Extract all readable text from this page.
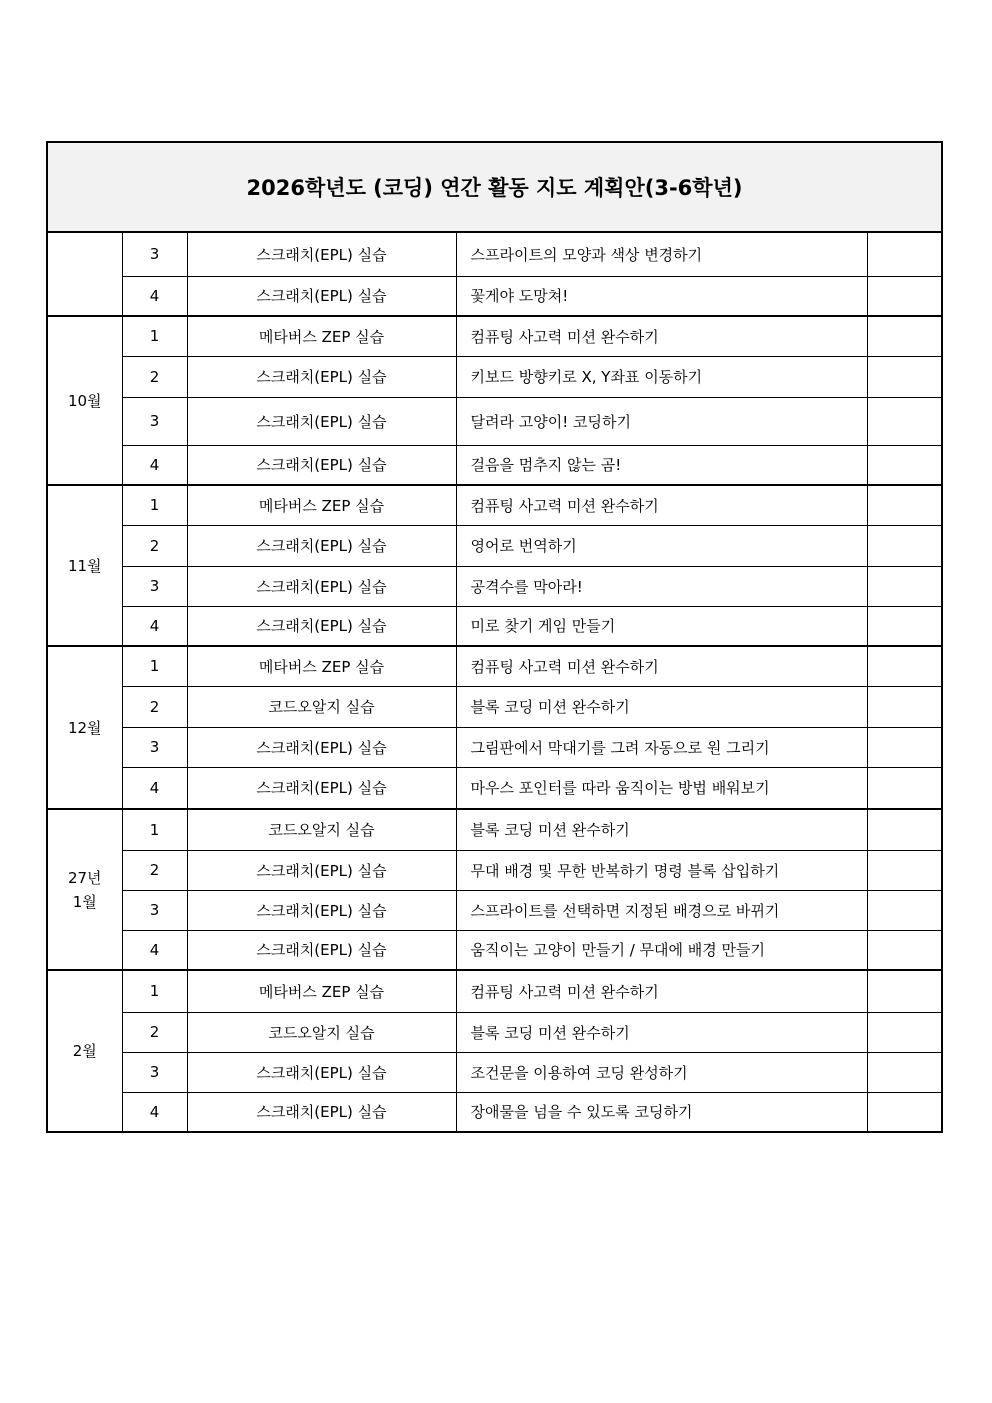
2026학년도 (코딩) 연간 활동 지도 계획안(3-6학년)				
	3	스크래치(EPL) 실습	스프라이트의 모양과 색상 변경하기	
	4	스크래치(EPL) 실습	꽃게야 도망쳐!	
10월	1	메타버스 ZEP 실습	컴퓨팅 사고력 미션 완수하기	
	2	스크래치(EPL) 실습	키보드 방향키로 X, Y좌표 이동하기	
	3	스크래치(EPL) 실습	달려라 고양이! 코딩하기	
	4	스크래치(EPL) 실습	걸음을 멈추지 않는 곰!	
11월	1	메타버스 ZEP 실습	컴퓨팅 사고력 미션 완수하기	
	2	스크래치(EPL) 실습	영어로 번역하기	
	3	스크래치(EPL) 실습	공격수를 막아라!	
	4	스크래치(EPL) 실습	미로 찾기 게임 만들기	
12월	1	메타버스 ZEP 실습	컴퓨팅 사고력 미션 완수하기	
	2	코드오알지 실습	블록 코딩 미션 완수하기	
	3	스크래치(EPL) 실습	그림판에서 막대기를 그려 자동으로 원 그리기	
	4	스크래치(EPL) 실습	마우스 포인터를 따라 움직이는 방법 배워보기	

27년
1월	1	코드오알지 실습	블록 코딩 미션 완수하기	
	2	스크래치(EPL) 실습	무대 배경 및 무한 반복하기 명령 블록 삽입하기	
	3	스크래치(EPL) 실습	스프라이트를 선택하면 지정된 배경으로 바뀌기	
	4	스크래치(EPL) 실습	움직이는 고양이 만들기 / 무대에 배경 만들기	
2월	1	메타버스 ZEP 실습	컴퓨팅 사고력 미션 완수하기	
	2	코드오알지 실습	블록 코딩 미션 완수하기	
	3	스크래치(EPL) 실습	조건문을 이용하여 코딩 완성하기	
	4	스크래치(EPL) 실습	장애물을 넘을 수 있도록 코딩하기	
